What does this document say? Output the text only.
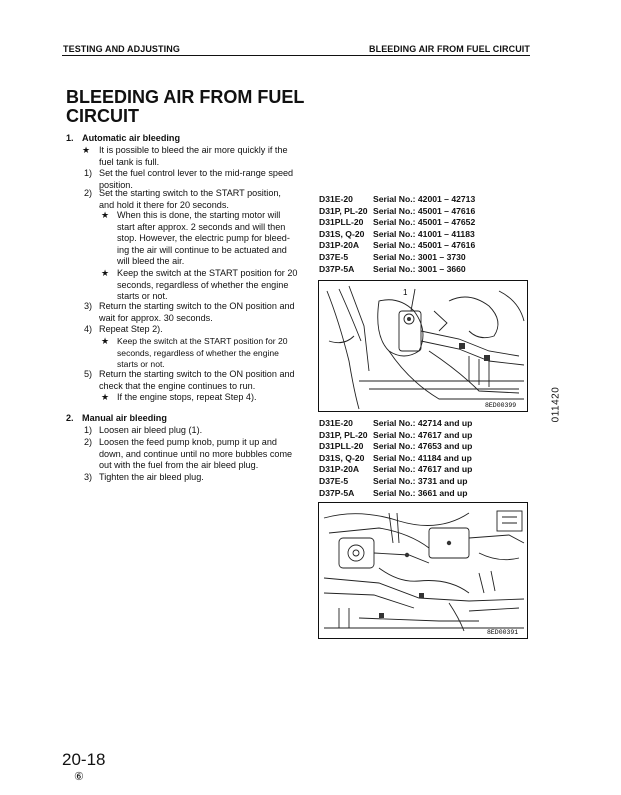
TESTING AND ADJUSTING	BLEEDING AIR FROM FUEL CIRCUIT
BLEEDING AIR FROM FUEL
CIRCUIT
1. Automatic air bleeding
★ It is possible to bleed the air more quickly if the
fuel tank is full.
1) Set the fuel control lever to the mid-range speed
position.
2) Set the starting switch to the START position,
and hold it there for 20 seconds.
★ When this is done, the starting motor will
start after approx. 2 seconds and will then
stop. However, the electric pump for bleed-
ing the air will continue to be actuated and
will bleed the air.
★ Keep the switch at the START position for 20
seconds, regardless of whether the engine
starts or not.
3) Return the starting switch to the ON position and
wait for approx. 30 seconds.
4) Repeat Step 2).
★ Keep the switch at the START position for 20
seconds, regardless of whether the engine
starts or not.
5) Return the starting switch to the ON position and
check that the engine continues to run.
★ If the engine stops, repeat Step 4).
2. Manual air bleeding
1) Loosen air bleed plug (1).
2) Loosen the feed pump knob, pump it up and
down, and continue until no more bubbles come
out with the fuel from the air bleed plug.
3) Tighten the air bleed plug.
D31E-20 Serial No.: 42001 – 42713
D31P, PL-20 Serial No.: 45001 – 47616
D31PLL-20 Serial No.: 45001 – 47652
D31S, Q-20 Serial No.: 41001 – 41183
D31P-20A Serial No.: 45001 – 47616
D37E-5	Serial No.: 3001 – 3730
D37P-5A Serial No.: 3001 – 3660
1
8ED00399
D31E-20 Serial No.: 42714 and up
D31P, PL-20 Serial No.: 47617 and up
D31PLL-20 Serial No.: 47653 and up
D31S, Q-20 Serial No.: 41184 and up
D31P-20A Serial No.: 47617 and up
D37E-5	Serial No.: 3731 and up
D37P-5A Serial No.: 3661 and up
8ED00391
011420
20-18
⑥
